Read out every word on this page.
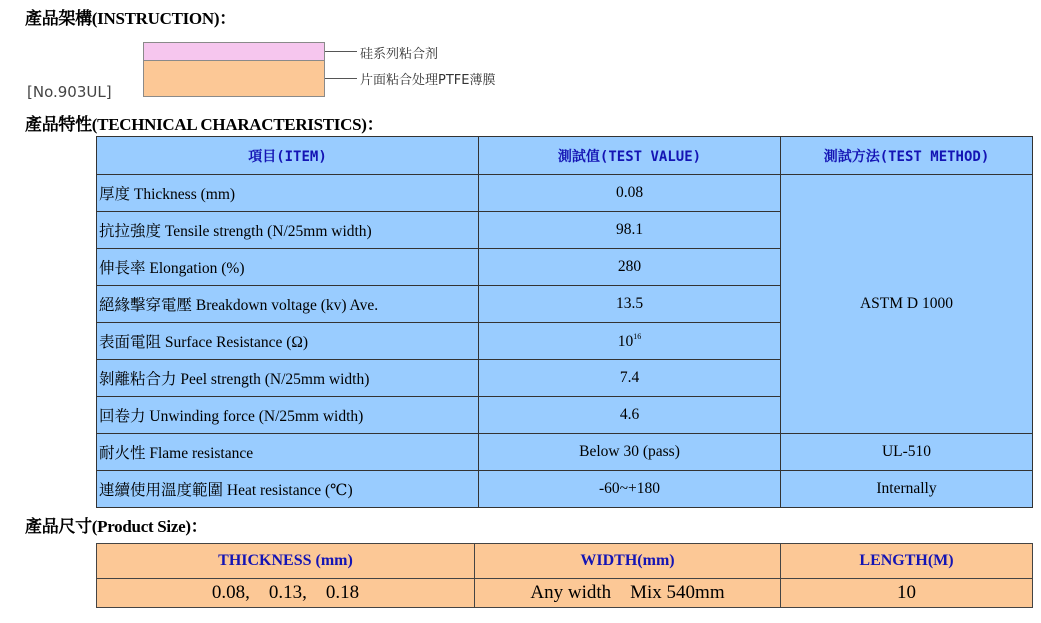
產品架構(INSTRUCTION)：
硅系列粘合剂
片面粘合处理PTFE薄膜
[No.903UL]
產品特性(TECHNICAL CHARACTERISTICS)：
項目(ITEM)	測試值(TEST VALUE)	測試方法(TEST METHOD)
厚度 Thickness (mm)	0.08	ASTM D 1000
抗拉強度 Tensile strength (N/25mm width)	98.1	
伸長率 Elongation (%)	280	
絕緣擊穿電壓 Breakdown voltage (kv) Ave.	13.5	
表面電阻 Surface Resistance (Ω)	$10^{16}$
剝離粘合力 Peel strength (N/25mm width)	7.4	
回卷力 Unwinding force (N/25mm width)	4.6	
耐火性 Flame resistance	Below 30 (pass)	UL-510
連續使用溫度範圍 Heat resistance (℃)	-60~+180	Internally
產品尺寸(Product Size)：
THICKNESS (mm)	WIDTH(mm)	LENGTH(M)
0.08,    0.13,    0.18	Any width    Mix 540mm	10
